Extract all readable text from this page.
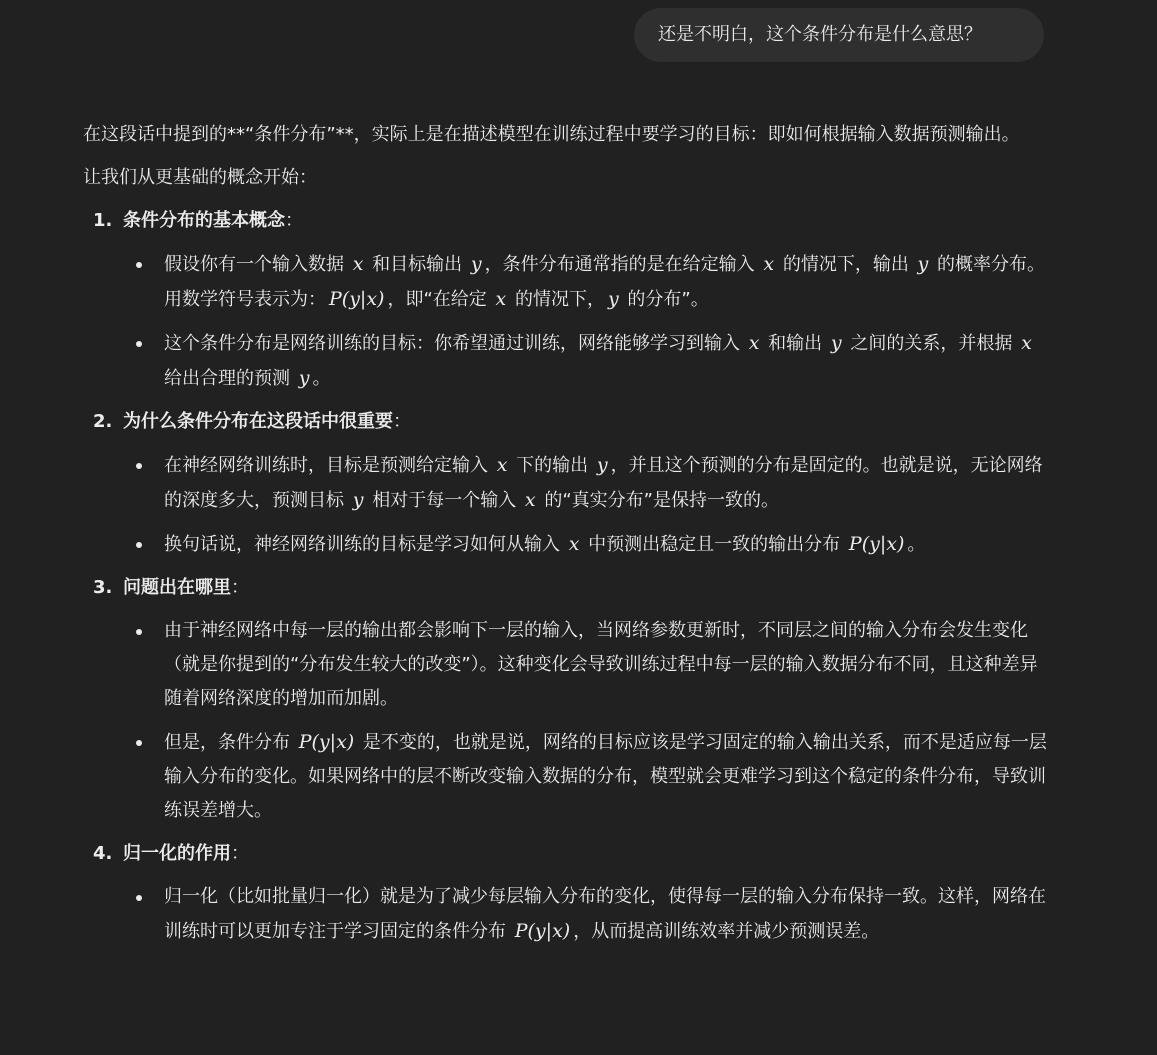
还是不明白，这个条件分布是什么意思？

在这段话中提到的**“条件分布”**，实际上是在描述模型在训练过程中要学习的目标：即如何根据输入数据预测输出。

让我们从更基础的概念开始：

1. 条件分布的基本概念：
假设你有一个输入数据 x 和目标输出 y ，条件分布通常指的是在给定输入 x 的情况下，输出 y 的概率分布。用数学符号表示为： P(y|x) ，即“在给定 x 的情况下， y 的分布”。
这个条件分布是网络训练的目标：你希望通过训练，网络能够学习到输入 x 和输出 y 之间的关系，并根据 x 给出合理的预测 y 。
2. 为什么条件分布在这段话中很重要：
在神经网络训练时，目标是预测给定输入 x 下的输出 y ，并且这个预测的分布是固定的。也就是说，无论网络的深度多大，预测目标 y 相对于每一个输入 x 的“真实分布”是保持一致的。
换句话说，神经网络训练的目标是学习如何从输入 x 中预测出稳定且一致的输出分布 P(y|x) 。
3. 问题出在哪里：
由于神经网络中每一层的输出都会影响下一层的输入，当网络参数更新时，不同层之间的输入分布会发生变化（就是你提到的“分布发生较大的改变”）。这种变化会导致训练过程中每一层的输入数据分布不同，且这种差异随着网络深度的增加而加剧。
但是，条件分布 P(y|x) 是不变的，也就是说，网络的目标应该是学习固定的输入输出关系，而不是适应每一层输入分布的变化。如果网络中的层不断改变输入数据的分布，模型就会更难学习到这个稳定的条件分布，导致训练误差增大。
4. 归一化的作用：
归一化（比如批量归一化）就是为了减少每层输入分布的变化，使得每一层的输入分布保持一致。这样，网络在训练时可以更加专注于学习固定的条件分布 P(y|x) ，从而提高训练效率并减少预测误差。
